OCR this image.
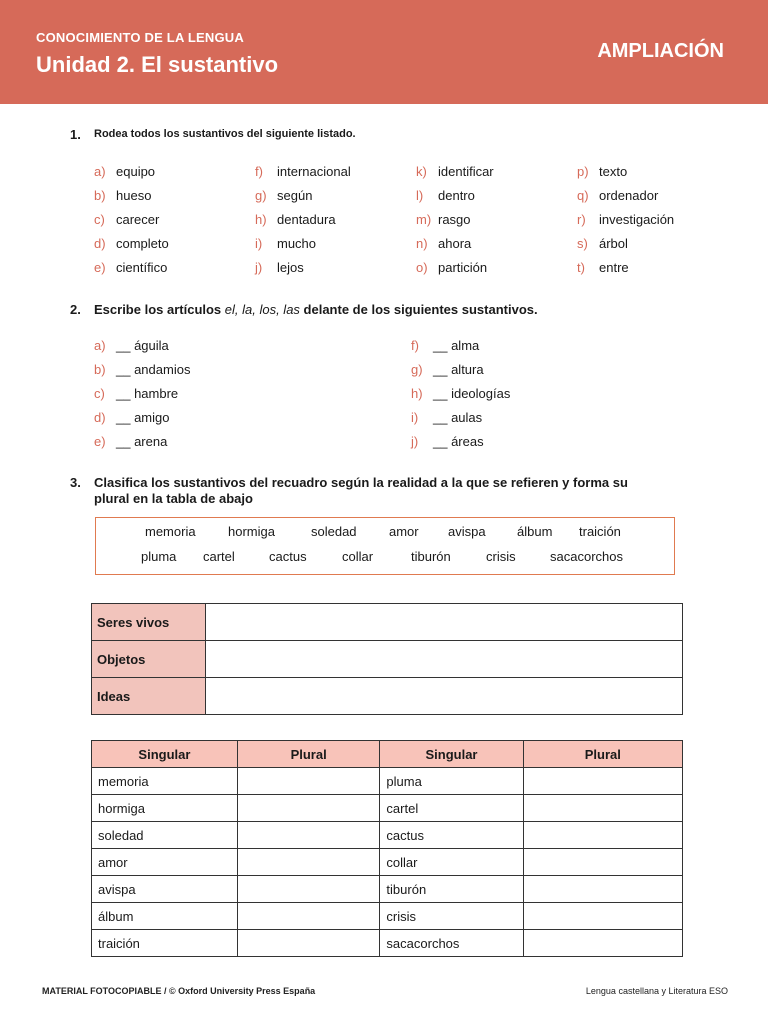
CONOCIMIENTO DE LA LENGUA
Unidad 2. El sustantivo
AMPLIACIÓN
1. Rodea todos los sustantivos del siguiente listado.
a) equipo
b) hueso
c) carecer
d) completo
e) científico
f) internacional
g) según
h) dentadura
i) mucho
j) lejos
k) identificar
l) dentro
m) rasgo
n) ahora
o) partición
p) texto
q) ordenador
r) investigación
s) árbol
t) entre
2. Escribe los artículos el, la, los, las delante de los siguientes sustantivos.
a) __ águila
b) __ andamios
c) __ hambre
d) __ amigo
e) __ arena
f) __ alma
g) __ altura
h) __ ideologías
i) __ aulas
j) __ áreas
3. Clasifica los sustantivos del recuadro según la realidad a la que se refieren y forma su
plural en la tabla de abajo
memoria hormiga	soledad amor avispa álbum traición
pluma cartel	cactus	collar	tiburón	crisis	sacacorchos
Seres vivos	
Objetos	
Ideas	
Singular	Plural	Singular	Plural
memoria		pluma	
hormiga		cartel	
soledad		cactus	
amor		collar	
avispa		tiburón	
álbum		crisis	
traición		sacacorchos	
MATERIAL FOTOCOPIABLE / © Oxford University Press España	Lengua castellana y Literatura ESO
